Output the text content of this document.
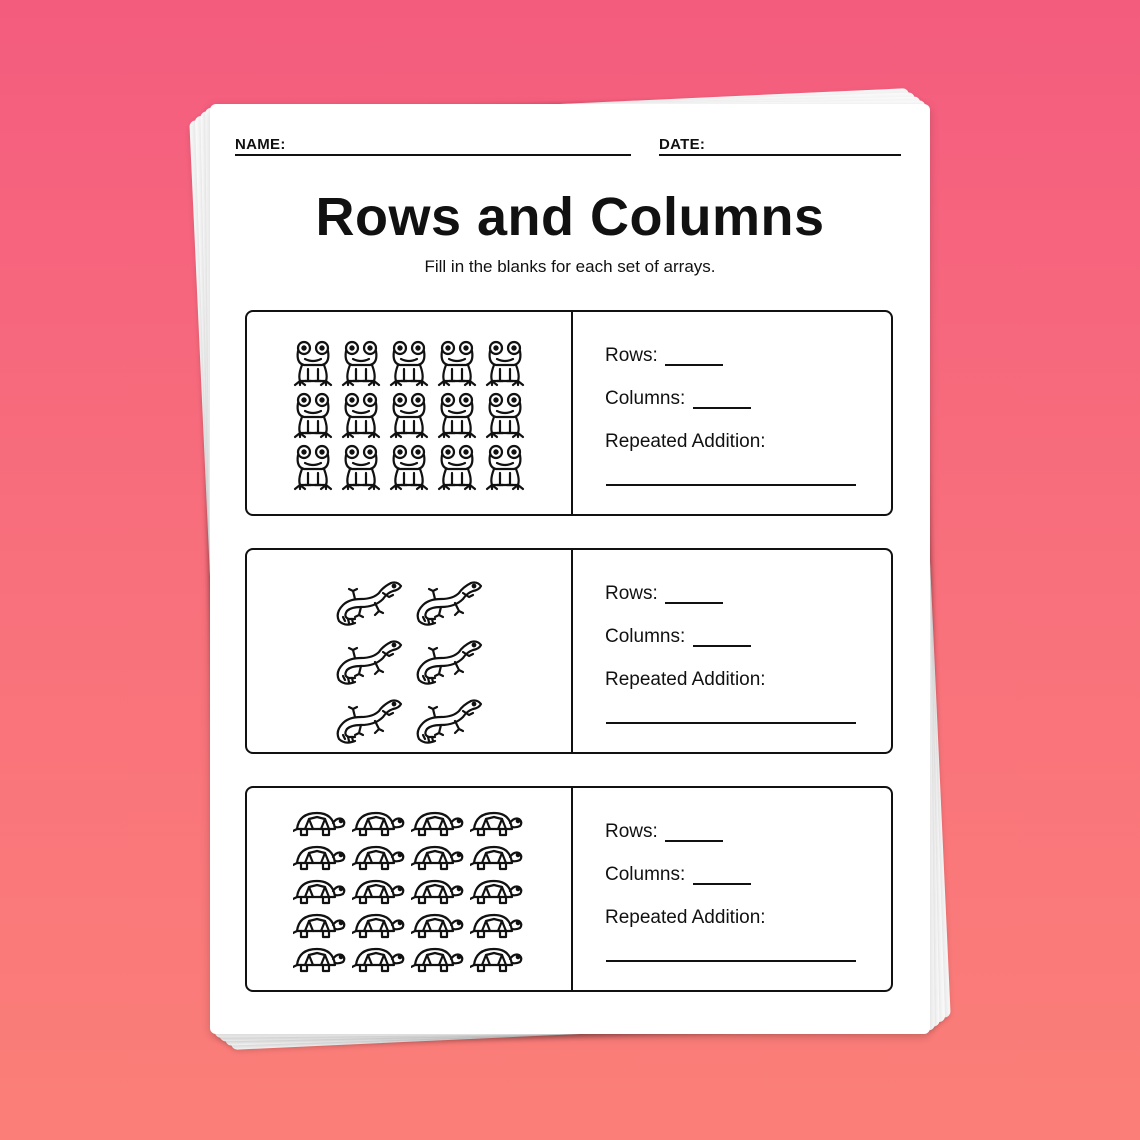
NAME:	DATE:
Rows and Columns
Fill in the blanks for each set of arrays.
Rows:
Columns:
Repeated Addition:
Rows:
Columns:
Repeated Addition:
Rows:
Columns:
Repeated Addition:
